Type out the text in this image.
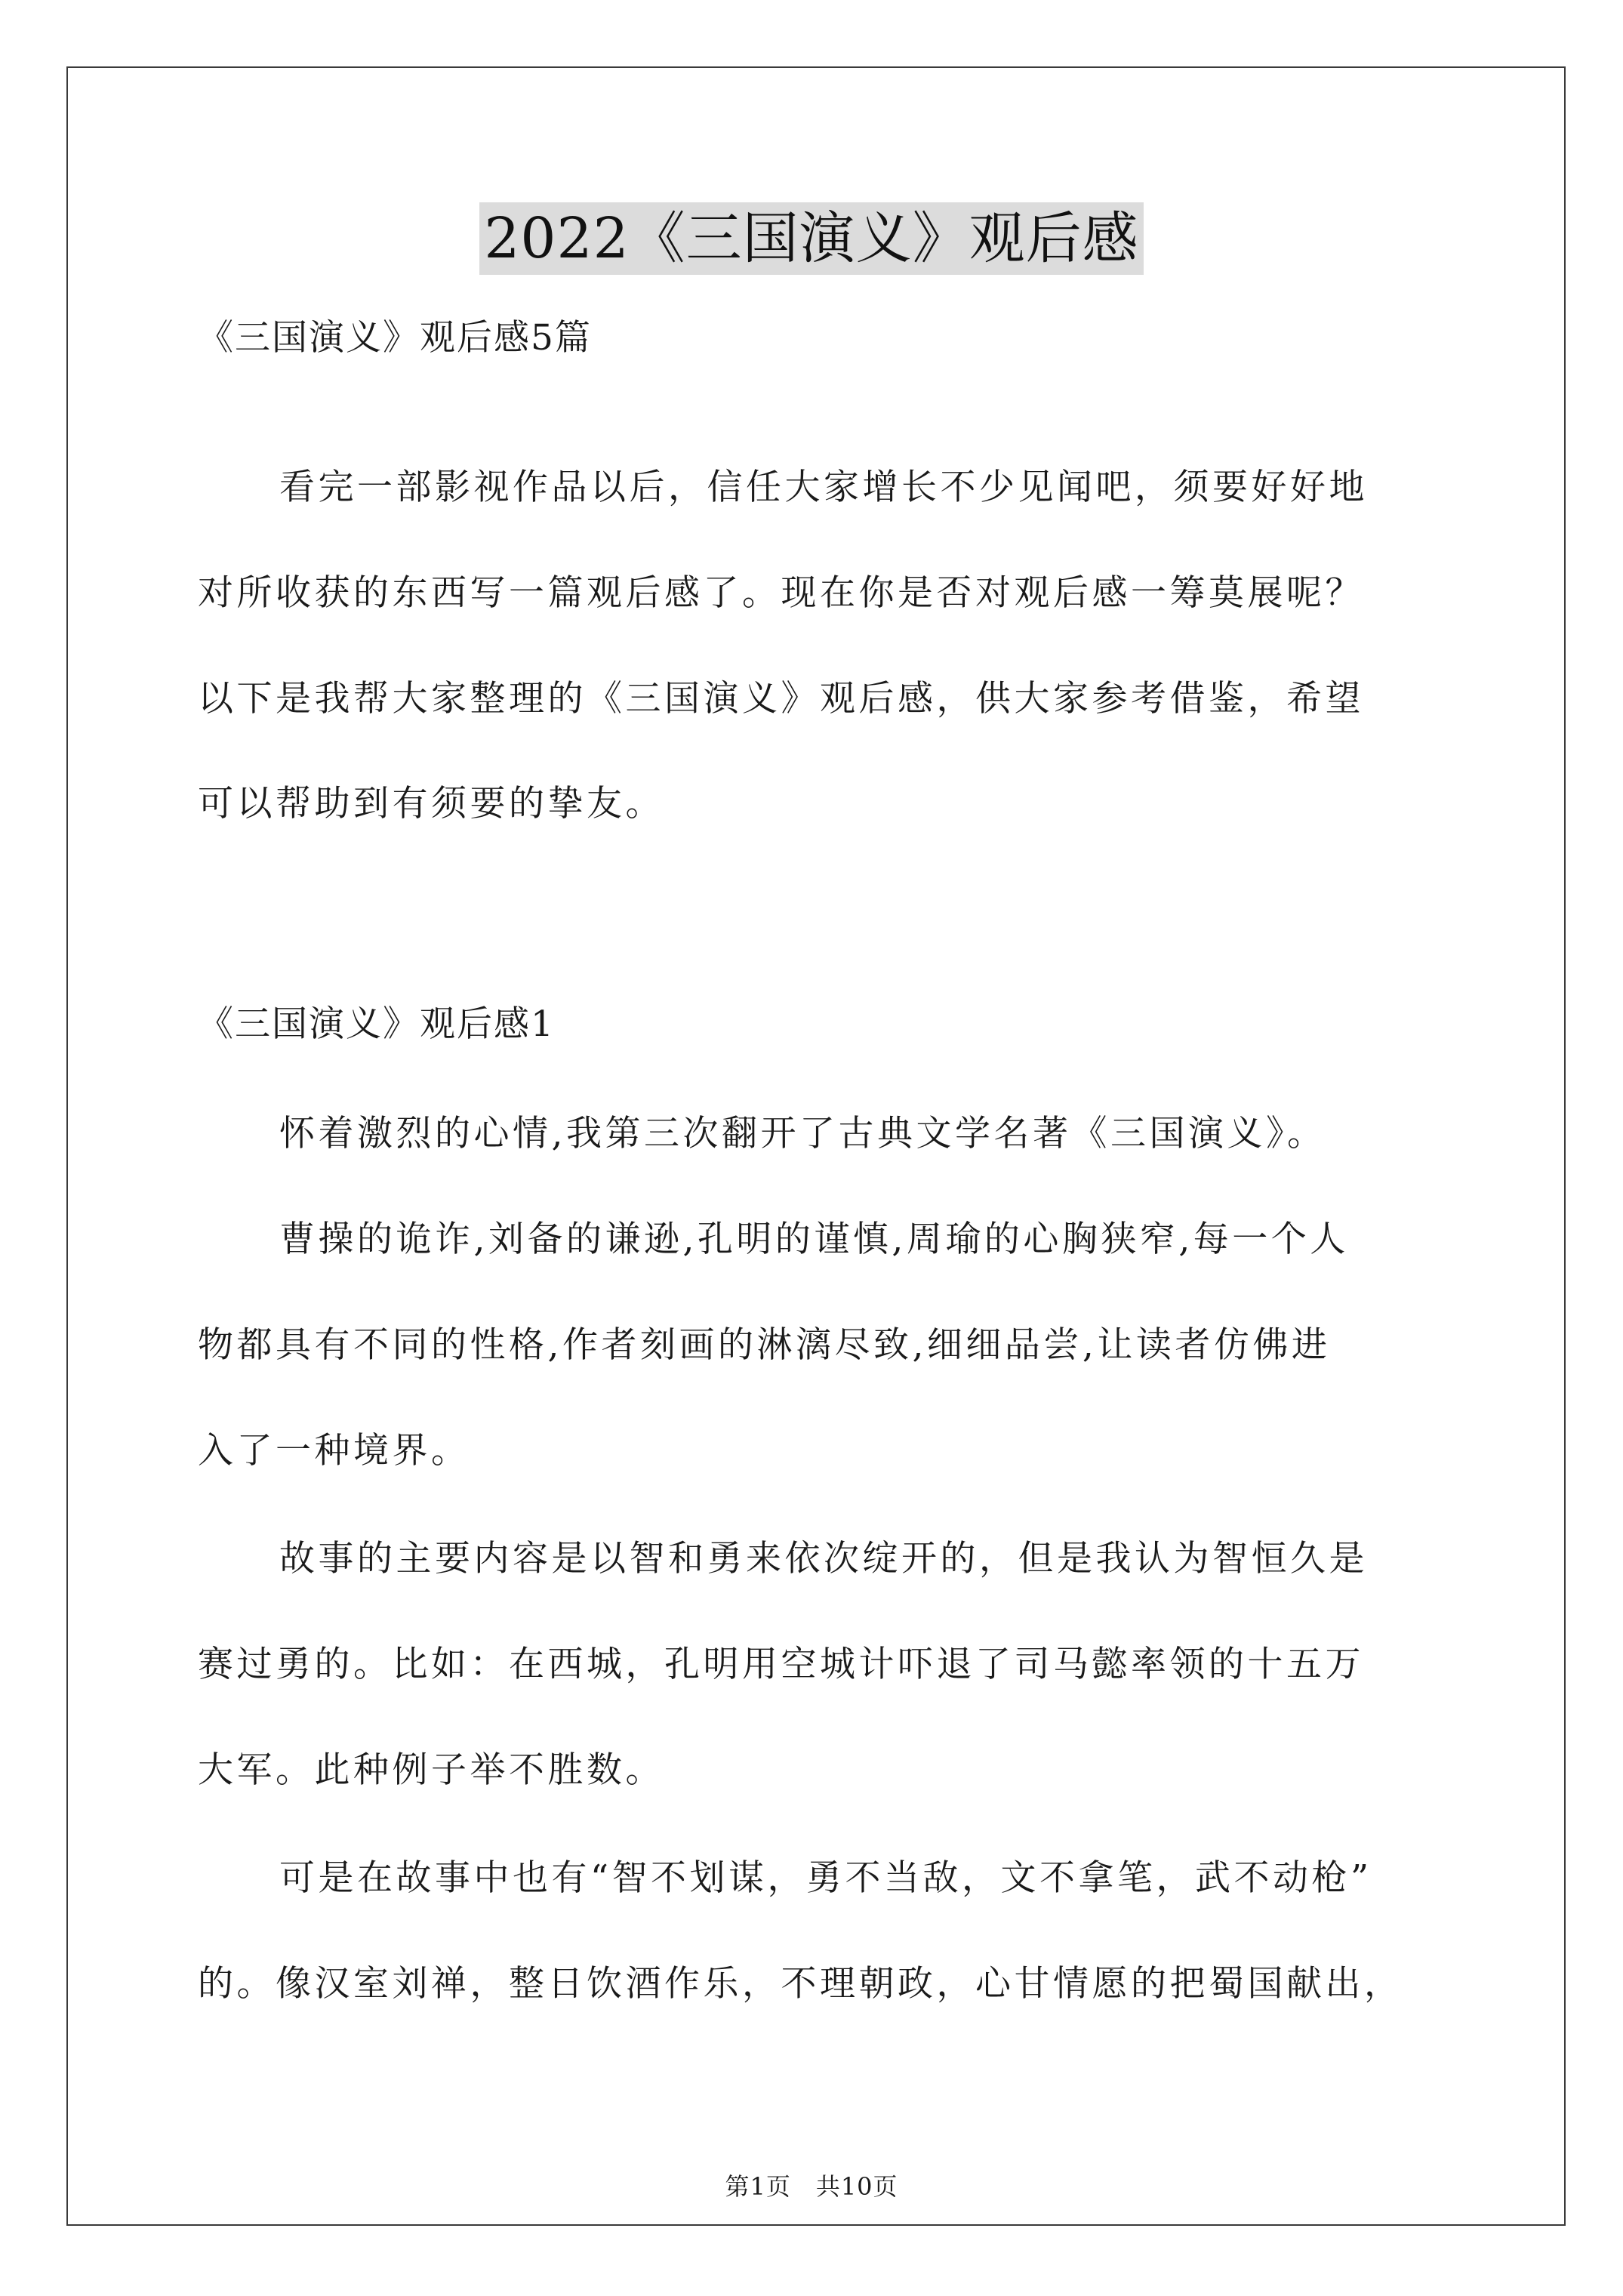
2022《三国演义》观后感
《三国演义》观后感5篇
看完一部影视作品以后，信任大家增长不少见闻吧，须要好好地
对所收获的东西写一篇观后感了。现在你是否对观后感一筹莫展呢？
以下是我帮大家整理的《三国演义》观后感，供大家参考借鉴，希望
可以帮助到有须要的挚友。
《三国演义》观后感1
怀着激烈的心情,我第三次翻开了古典文学名著《三国演义》。
曹操的诡诈,刘备的谦逊,孔明的谨慎,周瑜的心胸狭窄,每一个人
物都具有不同的性格,作者刻画的淋漓尽致,细细品尝,让读者仿佛进
入了一种境界。
故事的主要内容是以智和勇来依次绽开的，但是我认为智恒久是
赛过勇的。比如：在西城，孔明用空城计吓退了司马懿率领的十五万
大军。此种例子举不胜数。
可是在故事中也有“智不划谋，勇不当敌，文不拿笔，武不动枪”
的。像汉室刘禅，整日饮酒作乐，不理朝政，心甘情愿的把蜀国献出，
第1页　共10页
